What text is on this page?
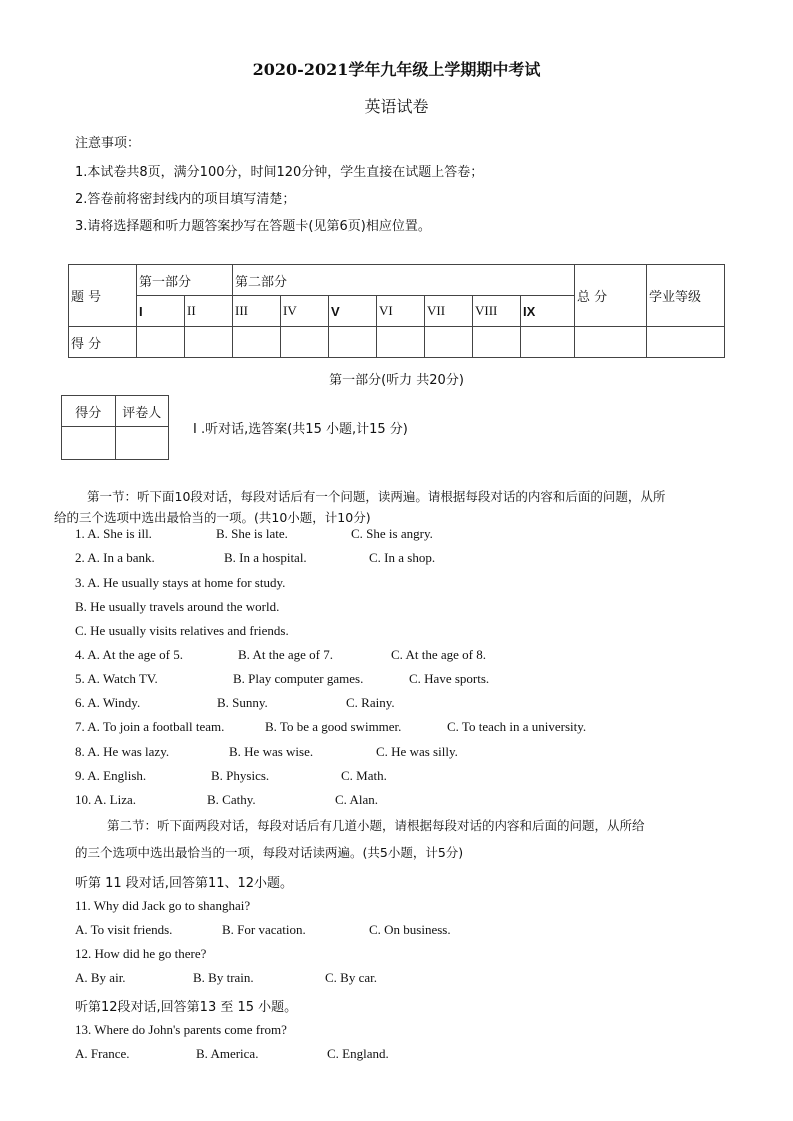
2020-2021学年九年级上学期期中考试
英语试卷
注意事项：
1.本试卷共8页，满分100分，时间120分钟，学生直接在试题上答卷；
2.答卷前将密封线内的项目填写清楚；
3.请将选择题和听力题答案抄写在答题卡(见第6页)相应位置。
题 号	第一部分		第二部分							总 分	学业等级
	I	II	III	IV	V	VI	VII	VIII	IX		
得 分											
第一部分(听力 共20分)
得分	评卷人

I .听对话,选答案(共15 小题,计15 分)
第一节：听下面10段对话，每段对话后有一个问题，读两遍。请根据每段对话的内容和后面的问题，从所
给的三个选项中选出最恰当的一项。(共10小题，计10分)
1. A. She is ill.	B. She is late.	C. She is angry.
2. A. In a bank.	B. In a hospital.	C. In a shop.
3. A. He usually stays at home for study.
B. He usually travels around the world.
C. He usually visits relatives and friends.
4. A. At the age of 5.	B. At the age of 7.	C. At the age of 8.
5. A. Watch TV.	B. Play computer games.	C. Have sports.
6. A. Windy.	B. Sunny.	C. Rainy.
7. A. To join a football team.	B. To be a good swimmer.	C. To teach in a university.
8. A. He was lazy.	B. He was wise.	C. He was silly.
9. A. English.	B. Physics.	C. Math.
10. A. Liza.	B. Cathy.	C. Alan.
第二节：听下面两段对话，每段对话后有几道小题，请根据每段对话的内容和后面的问题，从所给
的三个选项中选出最恰当的一项，每段对话读两遍。(共5小题，计5分)
听第 11 段对话,回答第11、12小题。
11. Why did Jack go to shanghai?
A. To visit friends.	B. For vacation.	C. On business.
12. How did he go there?
A. By air.	B. By train.	C. By car.
听第12段对话,回答第13 至 15 小题。
13. Where do John's parents come from?
A. France.	B. America.	C. England.
